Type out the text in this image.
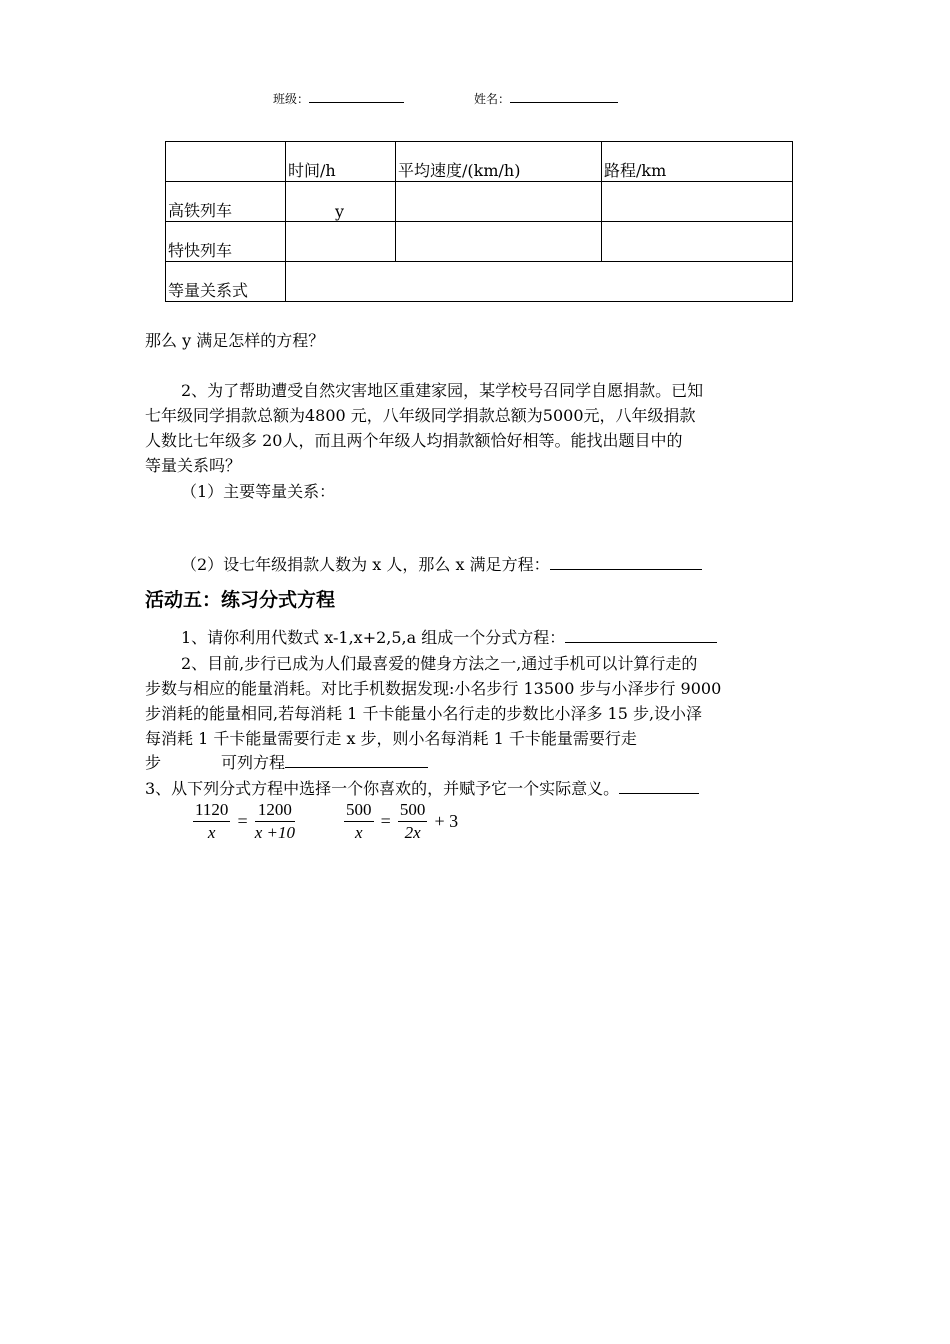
班级：	姓名：
	时间/h	平均速度/(km/h)	路程/km
高铁列车	y		
特快列车			
等量关系式			
那么 y 满足怎样的方程？
2、为了帮助遭受自然灾害地区重建家园，某学校号召同学自愿捐款。已知
七年级同学捐款总额为4800 元，八年级同学捐款总额为5000元，八年级捐款
人数比七年级多 20人，而且两个年级人均捐款额恰好相等。能找出题目中的
等量关系吗？
（1）主要等量关系：
（2）设七年级捐款人数为 x 人，那么 x 满足方程：
活动五：练习分式方程
1、请你利用代数式 x-1,x+2,5,a 组成一个分式方程：
2、目前,步行已成为人们最喜爱的健身方法之一,通过手机可以计算行走的
步数与相应的能量消耗。对比手机数据发现:小名步行 13500 步与小泽步行 9000
步消耗的能量相同,若每消耗 1 千卡能量小名行走的步数比小泽多 15 步,设小泽
每消耗 1 千卡能量需要行走 x 步，则小名每消耗 1 千卡能量需要行走
步	可列方程
3、从下列分式方程中选择一个你喜欢的，并赋予它一个实际意义。
$\frac{1120}{x} = \frac{1200}{x +10}$	$\frac{500}{x} = \frac{500}{2x} + 3$
